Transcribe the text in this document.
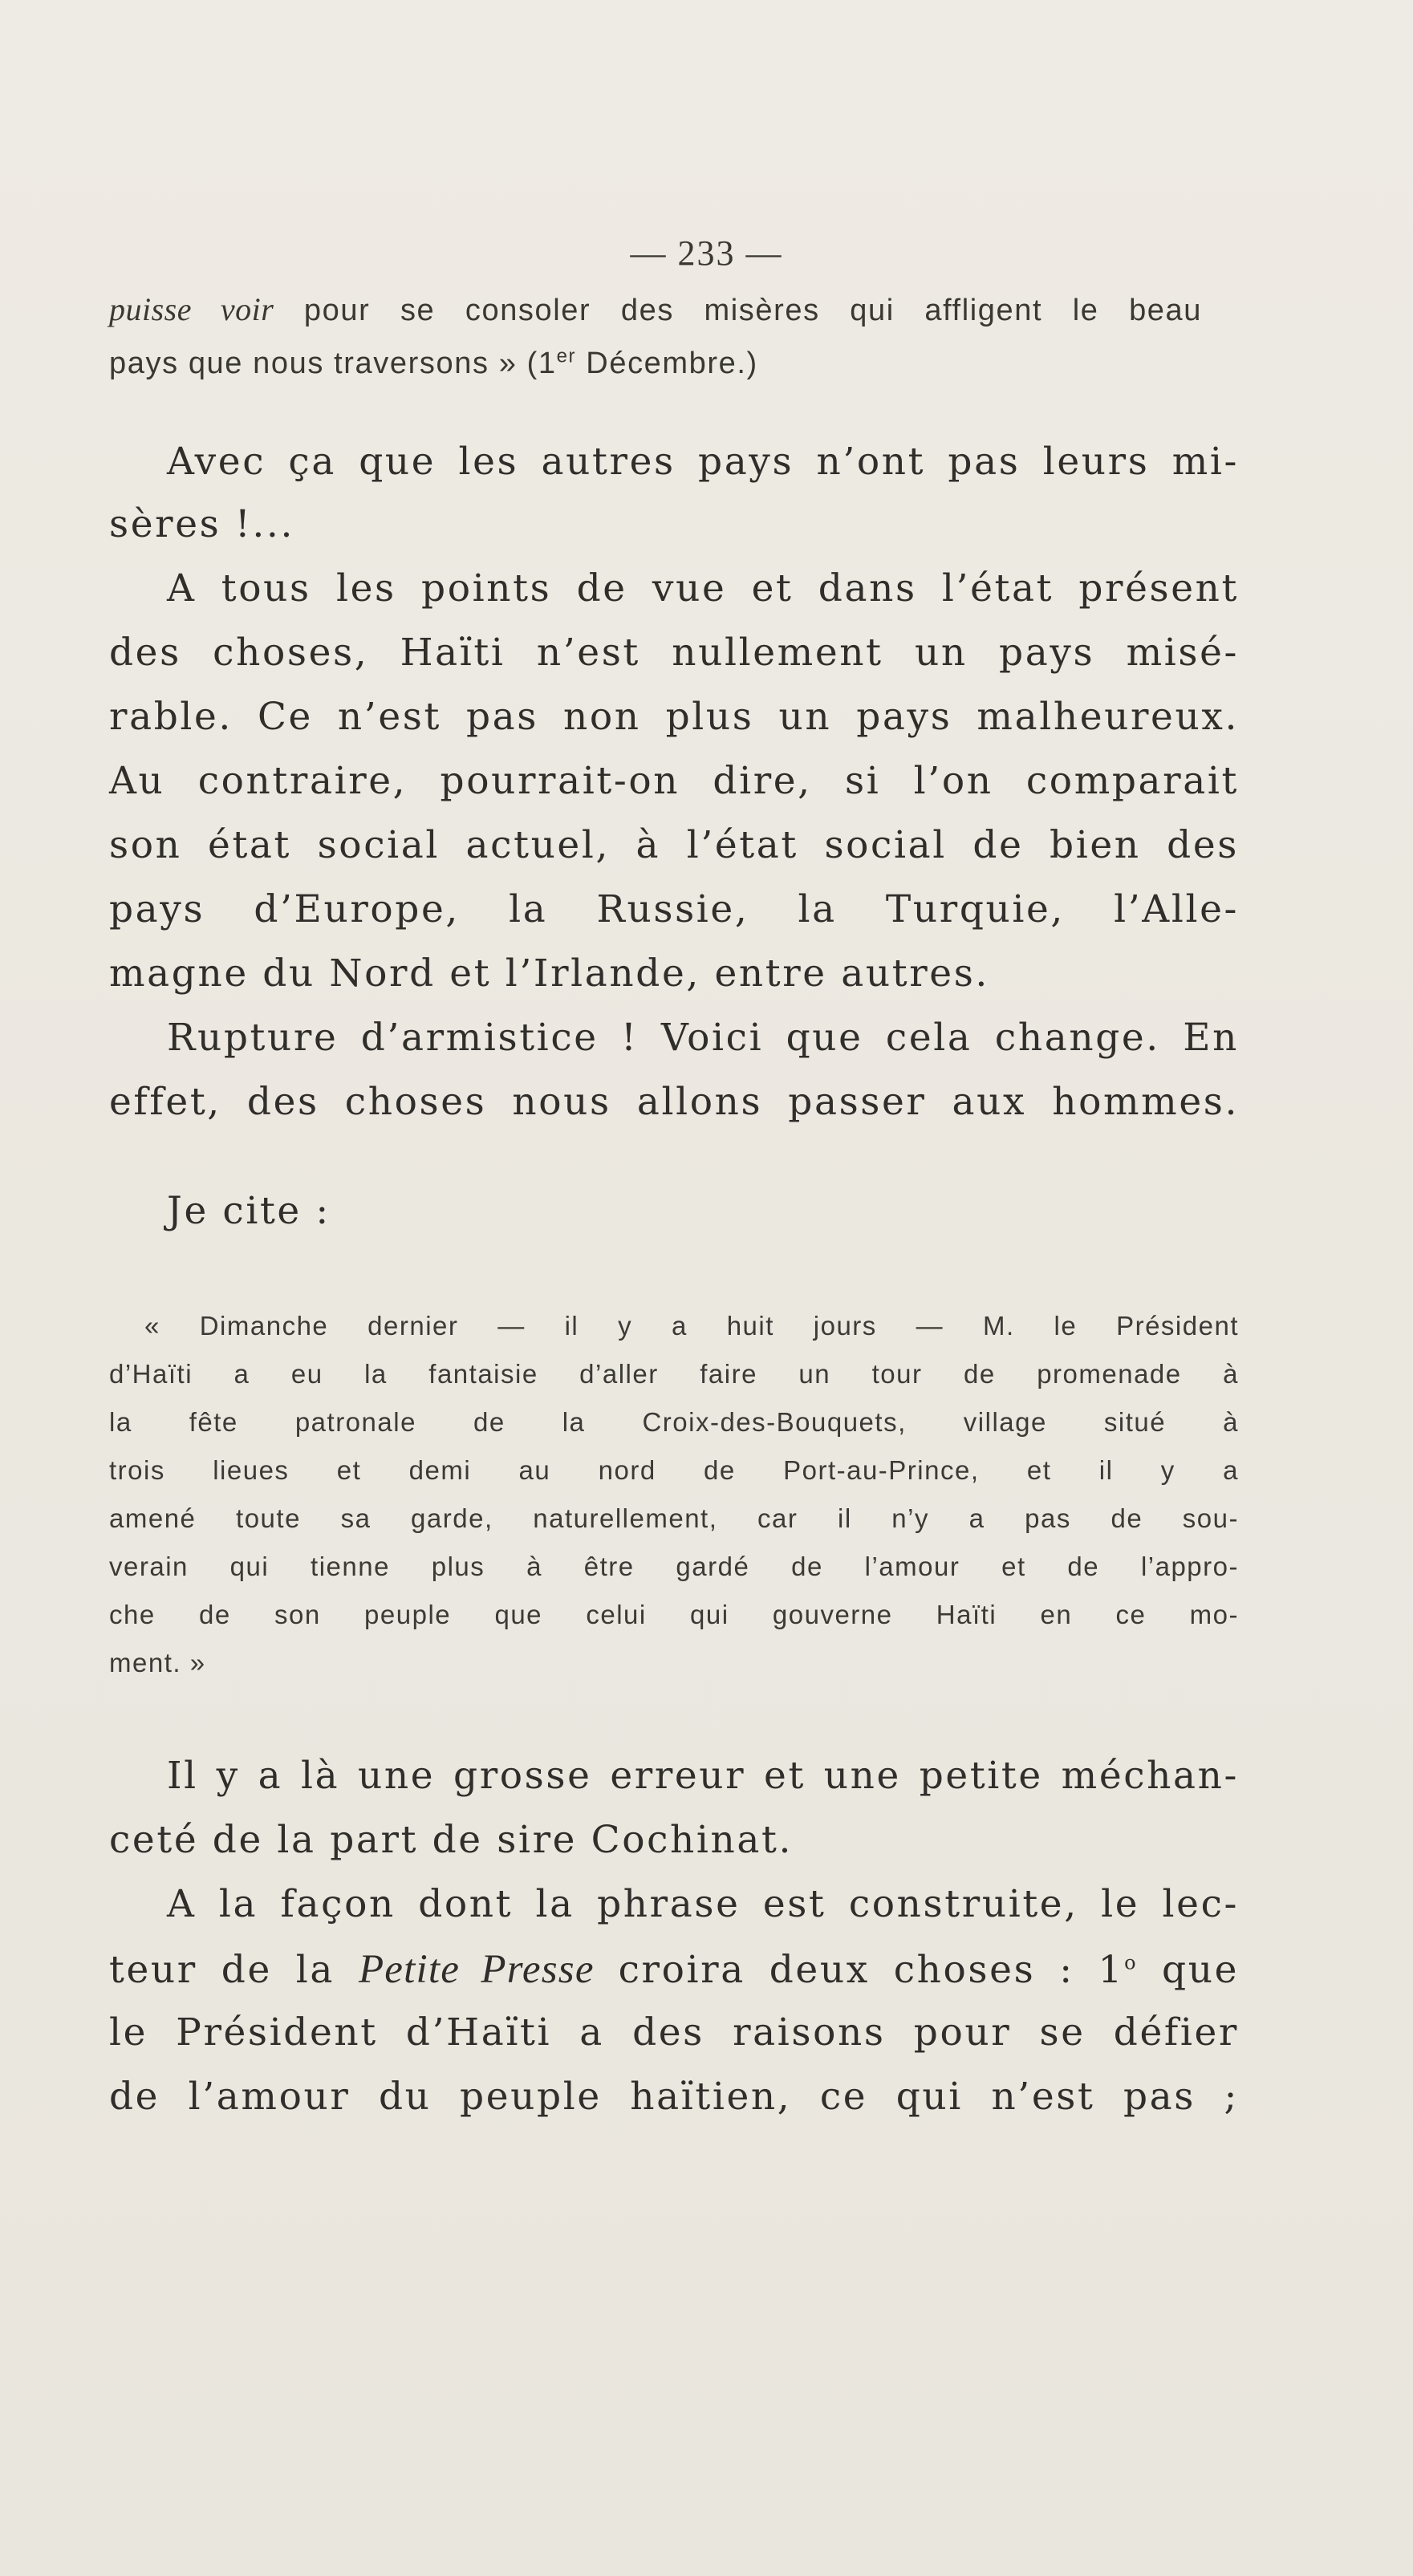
— 233 —
puisse voir pour se consoler des misères qui affligent le beau
pays que nous traversons » (1er Décembre.)
Avec ça que les autres pays n’ont pas leurs mi-
sères !...
A tous les points de vue et dans l’état présent
des choses, Haïti n’est nullement un pays misé-
rable. Ce n’est pas non plus un pays malheureux.
Au contraire, pourrait-on dire, si l’on comparait
son état social actuel, à l’état social de bien des
pays d’Europe, la Russie, la Turquie, l’Alle-
magne du Nord et l’Irlande, entre autres.
Rupture d’armistice ! Voici que cela change. En
effet, des choses nous allons passer aux hommes.
Je cite :
« Dimanche dernier — il y a huit jours — M. le Président
d’Haïti a eu la fantaisie d’aller faire un tour de promenade à
la fête patronale de la Croix-des-Bouquets, village situé à
trois lieues et demi au nord de Port-au-Prince, et il y a
amené toute sa garde, naturellement, car il n’y a pas de sou-
verain qui tienne plus à être gardé de l’amour et de l’appro-
che de son peuple que celui qui gouverne Haïti en ce mo-
ment. »
Il y a là une grosse erreur et une petite méchan-
ceté de la part de sire Cochinat.
A la façon dont la phrase est construite, le lec-
teur de la Petite Presse croira deux choses : 1$^o$ que
le Président d’Haïti a des raisons pour se défier
de l’amour du peuple haïtien, ce qui n’est pas ;
